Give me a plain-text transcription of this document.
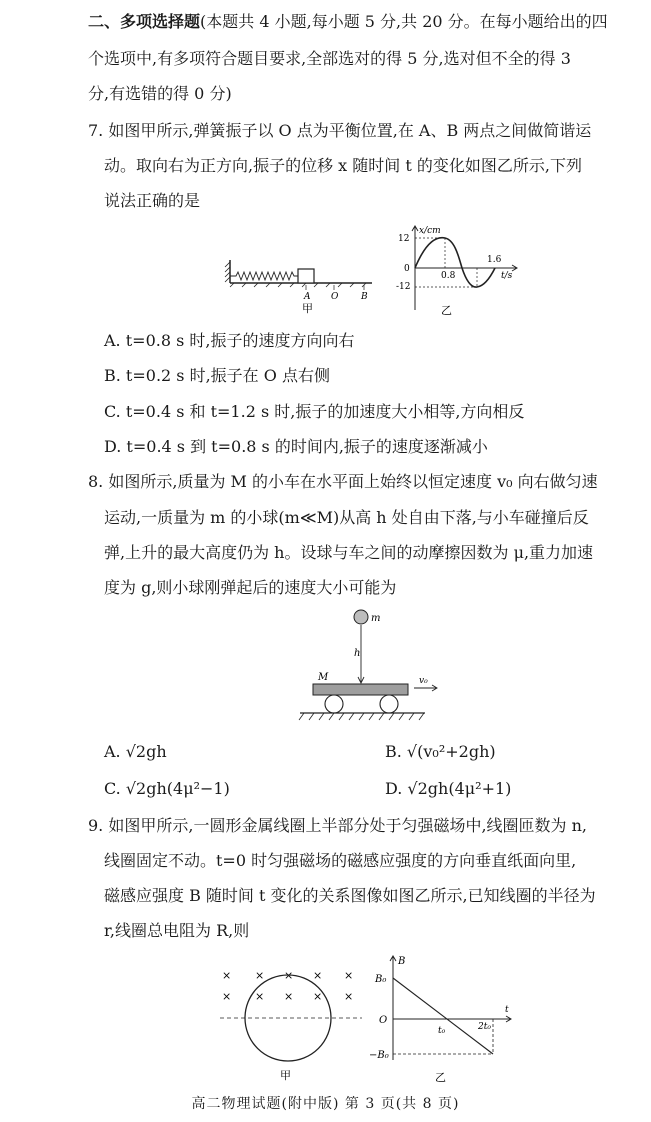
二、多项选择题(本题共 4 小题,每小题 5 分,共 20 分。在每小题给出的四
个选项中,有多项符合题目要求,全部选对的得 5 分,选对但不全的得 3
分,有选错的得 0 分)
7. 如图甲所示,弹簧振子以 O 点为平衡位置,在 A、B 两点之间做简谐运
动。取向右为正方向,振子的位移 x 随时间 t 的变化如图乙所示,下列
说法正确的是
A O	B
甲
x/cm
12
0
-12
0.8
1.6
t/s
乙
A. t=0.8 s 时,振子的速度方向向右
B. t=0.2 s 时,振子在 O 点右侧
C. t=0.4 s 和 t=1.2 s 时,振子的加速度大小相等,方向相反
D. t=0.4 s 到 t=0.8 s 的时间内,振子的速度逐渐减小
8. 如图所示,质量为 M 的小车在水平面上始终以恒定速度 v₀ 向右做匀速
运动,一质量为 m 的小球(m≪M)从高 h 处自由下落,与小车碰撞后反
弹,上升的最大高度仍为 h。设球与车之间的动摩擦因数为 μ,重力加速
度为 g,则小球刚弹起后的速度大小可能为
m
h
M	v₀
A. √2gh	B. √(v₀²+2gh)
C. √2gh(4μ²−1)	D. √2gh(4μ²+1)
9. 如图甲所示,一圆形金属线圈上半部分处于匀强磁场中,线圈匝数为 n,
线圈固定不动。t=0 时匀强磁场的磁感应强度的方向垂直纸面向里,
磁感应强度 B 随时间 t 变化的关系图像如图乙所示,已知线圈的半径为
r,线圈总电阻为 R,则
× × × × ×
× × × × ×
甲
B
t
B₀
−B₀
O
t₀	2t₀
乙
高二物理试题(附中版) 第 3 页(共 8 页)
